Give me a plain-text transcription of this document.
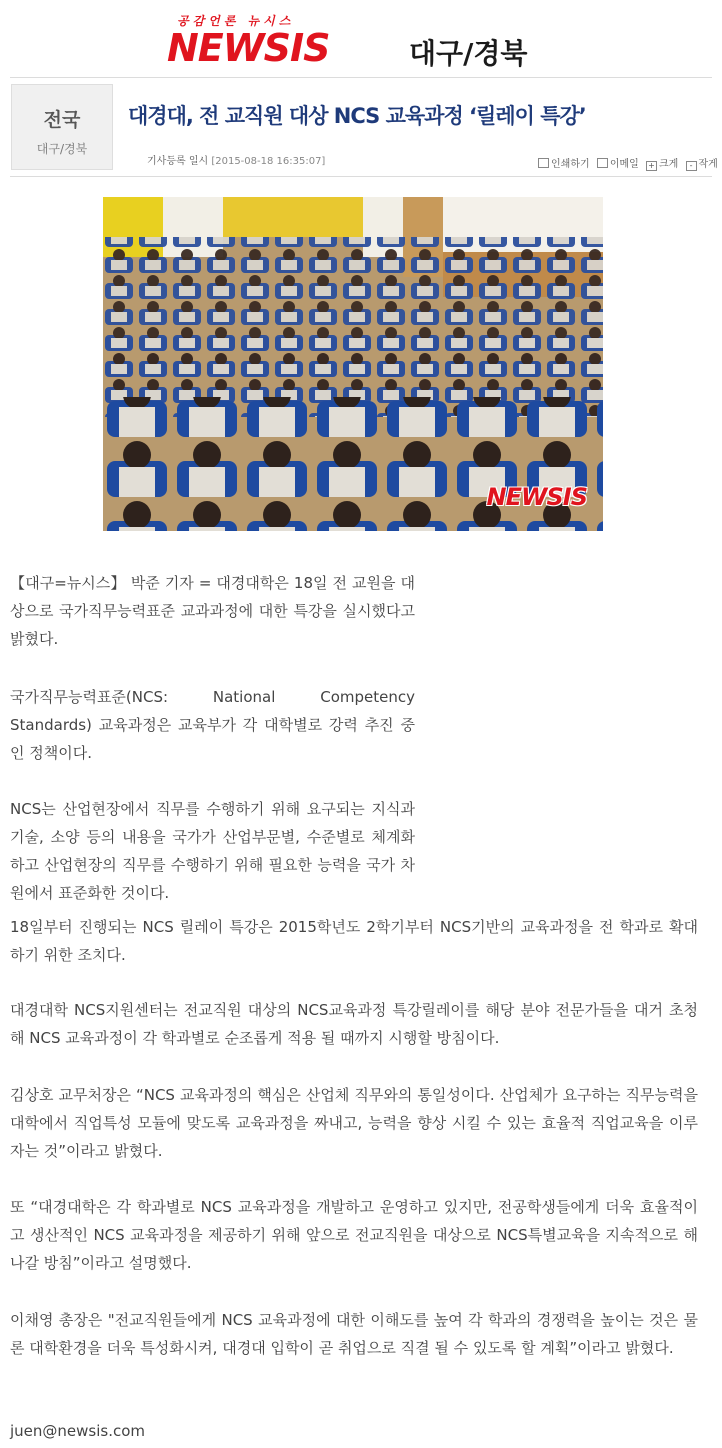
공감언론 뉴시스
NEWSIS	대구/경북
전국
대구/경북
대경대, 전 교직원 대상 NCS 교육과정 ‘릴레이 특강’
기사등록 일시 [2015-08-18 16:35:07]	인쇄하기 이메일 + 크게 - 작게
NEWSIS

【대구=뉴시스】 박준 기자 = 대경대학은 18일 전 교원을 대상으로 국가직무능력표준 교과과정에 대한 특강을 실시했다고 밝혔다.

국가직무능력표준(NCS: National Competency Standards) 교육과정은 교육부가 각 대학별로 강력 추진 중인 정책이다.

NCS는 산업현장에서 직무를 수행하기 위해 요구되는 지식과 기술, 소양 등의 내용을 국가가 산업부문별, 수준별로 체계화하고 산업현장의 직무를 수행하기 위해 필요한 능력을 국가 차원에서 표준화한 것이다.

18일부터 진행되는 NCS 릴레이 특강은 2015학년도 2학기부터 NCS기반의 교육과정을 전 학과로 확대하기 위한 조치다.

대경대학 NCS지원센터는 전교직원 대상의 NCS교육과정 특강릴레이를 해당 분야 전문가들을 대거 초청해 NCS 교육과정이 각 학과별로 순조롭게 적용 될 때까지 시행할 방침이다.

김상호 교무처장은 “NCS 교육과정의 핵심은 산업체 직무와의 통일성이다. 산업체가 요구하는 직무능력을 대학에서 직업특성 모듈에 맞도록 교육과정을 짜내고, 능력을 향상 시킬 수 있는 효율적 직업교육을 이루자는 것”이라고 밝혔다.

또 “대경대학은 각 학과별로 NCS 교육과정을 개발하고 운영하고 있지만, 전공학생들에게 더욱 효율적이고 생산적인 NCS 교육과정을 제공하기 위해 앞으로 전교직원을 대상으로 NCS특별교육을 지속적으로 해 나갈 방침”이라고 설명했다.

이채영 총장은 "전교직원들에게 NCS 교육과정에 대한 이해도를 높여 각 학과의 경쟁력을 높이는 것은 물론 대학환경을 더욱 특성화시켜, 대경대 입학이 곧 취업으로 직결 될 수 있도록 할 계획”이라고 밝혔다.

juen@newsis.com
